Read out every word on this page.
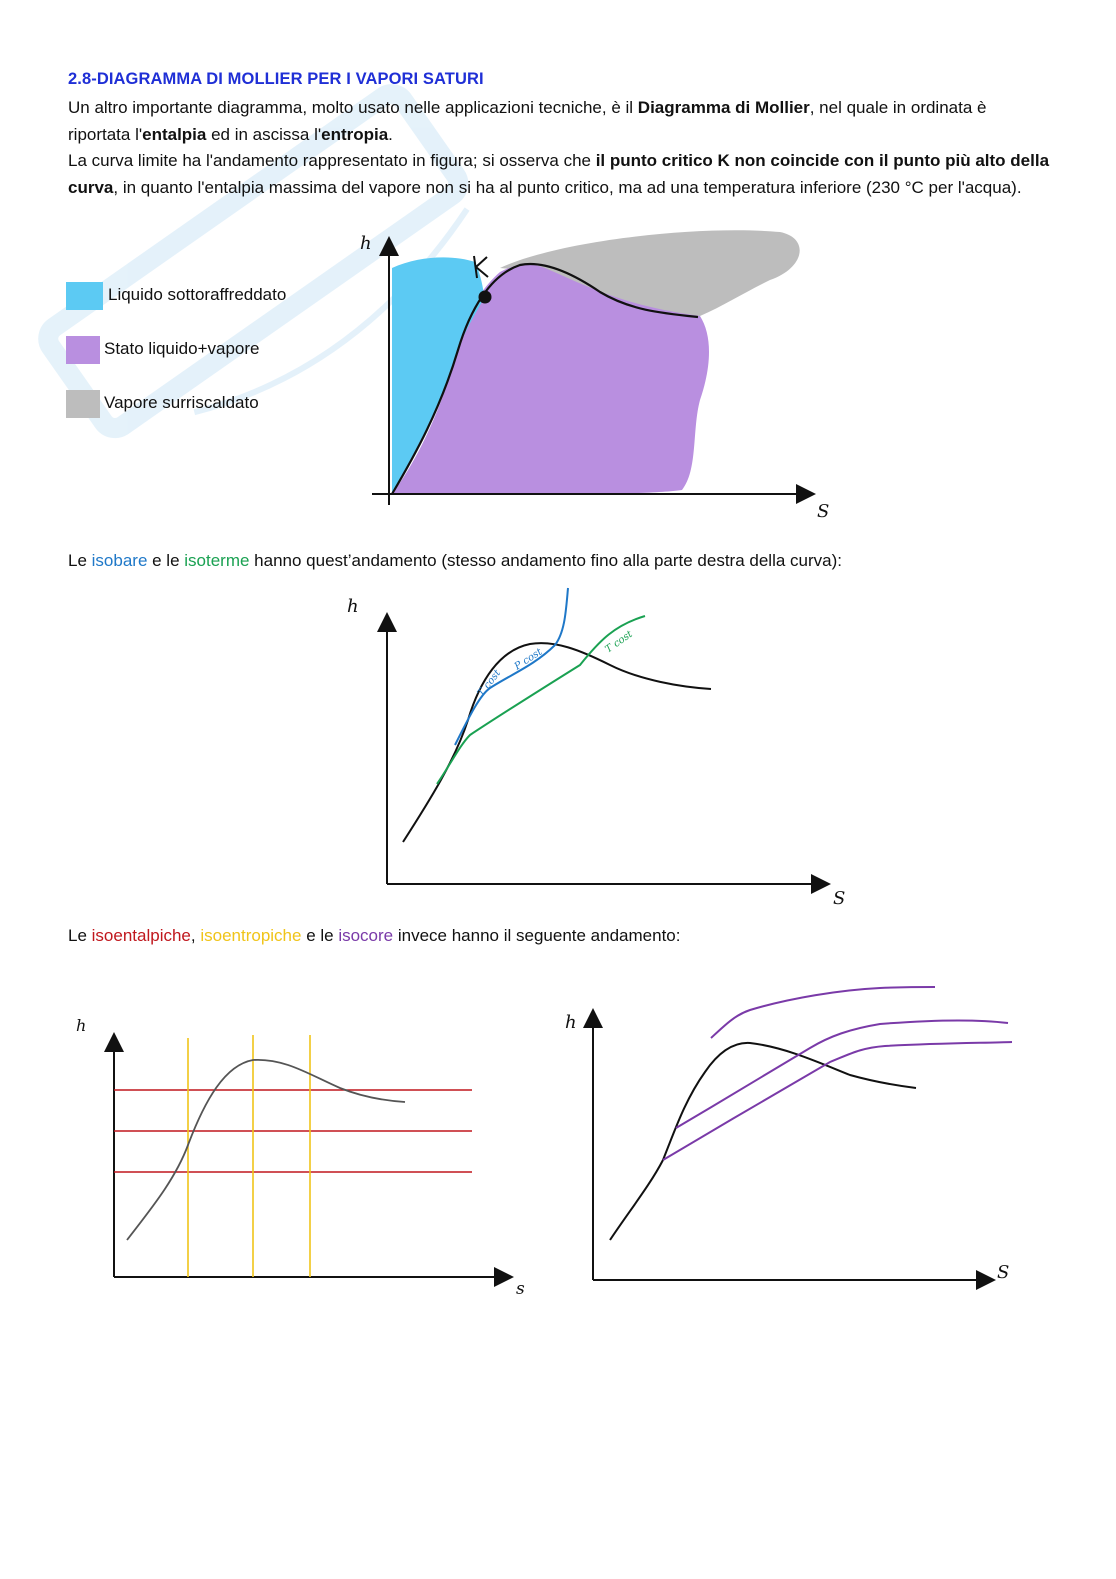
2.8-DIAGRAMMA DI MOLLIER PER I VAPORI SATURI
Un altro importante diagramma, molto usato nelle applicazioni tecniche, è il Diagramma di Mollier, nel quale in ordinata è riportata l'entalpia ed in ascissa l'entropia.
La curva limite ha l'andamento rappresentato in figura; si osserva che il punto critico K non coincide con il punto più alto della curva, in quanto l'entalpia massima del vapore non si ha al punto critico, ma ad una temperatura inferiore (230 °C per l'acqua).
Liquido sottoraffreddato
Stato liquido+vapore
Vapore surriscaldato
h
S
Le isobare e le isoterme hanno quest’andamento (stesso andamento fino alla parte destra della curva):
h
S
T cost
P cost
T cost
Le isoentalpiche, isoentropiche e le isocore invece hanno il seguente andamento:
h
s
h
S
